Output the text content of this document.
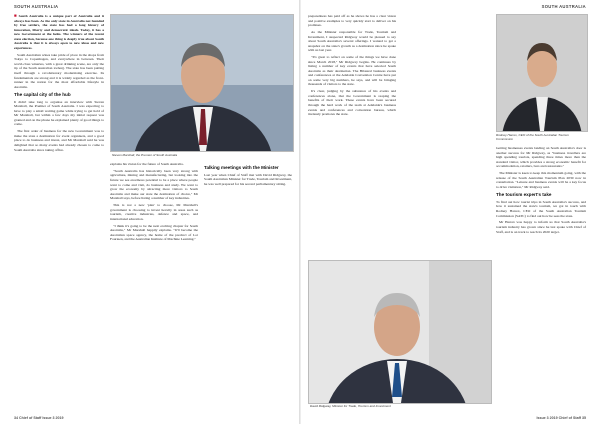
SOUTH AUSTRALIA

■South Australia is a unique part of Australia and it always has been. As the only state in Australia not founded by free settlers, the state has had a long history of innovation, liberty and democratic ideals. Today, it has a new Government at the helm. The winners of the recent state election, because one thing is deeply true about South Australia is that it is always open to new ideas and new experiences.

South Australian wines take pride of place in the shops from Tokyo to Copenhagen, and everywhere in between. Their world-class wineries, with a great drinking scene, are only the tip of the South Australian iceberg. The state has been putting itself through a revolutionary modernising exercise. Its fundamentals are strong and it is widely regarded as the front-runner in the nation for the most affordable lifestyle in Australia.

The capital city of the hub

It didn't take long to organise an interview with Steven Marshall, the Premier of South Australia. I was expecting to have to play a small waiting game while trying to get hold of Mr Marshall, but within a few days my initial request was granted and on the phone he explained plenty of good things to come.

The first order of business for the new Government was to make the state a destination for event organisers, and a good place to do business and invest, and Mr Marshall said he was delighted that so many events had already chosen to come to South Australia since taking office.

Steven Marshall, the Premier of South Australia

explains his vision for the future of South Australia.

"South Australia has historically been very strong with agriculture, mining and manufacturing, but looking into the future we see enormous potential to be a place where people want to come and visit, do business and study. We want to grow the economy by attracting more visitors to South Australia and make our state the destination of choice," Mr Marshall says, before listing a number of key industries.

This is not a new 'plan' to choose, Mr Marshall's government is choosing to invest heavily in areas such as tourism, creative industries, defence and space, and international education.

"I think it's going to be the next exciting chapter for South Australia," Mr Marshall happily explains. "It'll become the Australian space agency, the home of the precinct of Lot Fourteen, and the Australian Institute of Machine Learning."

Talking meetings with the Minister

Last year when Chief of Staff met with David Ridgway, the South Australian Minister for Trade, Tourism and Investment, he was well prepared for his second parliamentary sitting.

34 Chief of Staff Issue 3 2019
SOUTH AUSTRALIA

preparedness has paid off as he shows he has a clear vision and positive examples to very quickly start to deliver on his promises.

As the Minister responsible for Trade, Tourism and Investment, I suspected Ridgway would be pleased to say about South Australia's several offerings. I wanted to get a snapshot on the state's growth as a destination since he spoke with us last year.

"It's great to reflect on some of the things we have done since March 2018," Mr Ridgway begins. He continues by listing a number of key events that have selected South Australia as their destination. The Bilateral business events and conferences at the Adelaide Convention Centre have put on some very big numbers, he says, and will be bringing thousands of visitors to the state.

It's clear, judging by the substance of his events and conferences alone, that the Government is reaping the benefits of their work. These events have been secured through the hard work of the team at Adelaide's business events and conferences and convention bureau, which tirelessly promotes the state.

Rodney Harrex, CEO of the South Australian Tourism Commission

Getting businesses events landing on South Australia's door is another success for Mr Ridgway, as "business travellers are high spending tourists, spending three times more than the standard visitor, which provides a strong economic benefit for accommodation, retailers, bars and restaurants."

The Minister is keen to keep this momentum going, with the release of the South Australian Tourism Plan 2030 now in consultation. "Leisure and business events will be a key focus to drive visitation," Mr Ridgway said.

The tourism expert's take

To find out how tourist trips in South Australia's success, and how it sustained the state's tourism, we got in touch with Rodney Harrex, CEO of the South Australian Tourism Commission (SATC) to find out how he sees the state.

Mr Harrex was happy to inform us that South Australia's tourism industry has grown since he last spoke with Chief of Staff, and is on track to reach its 2020 target.

David Ridgway, Minister for Trade, Tourism and Investment
Issue 3 2019 Chief of Staff 35
